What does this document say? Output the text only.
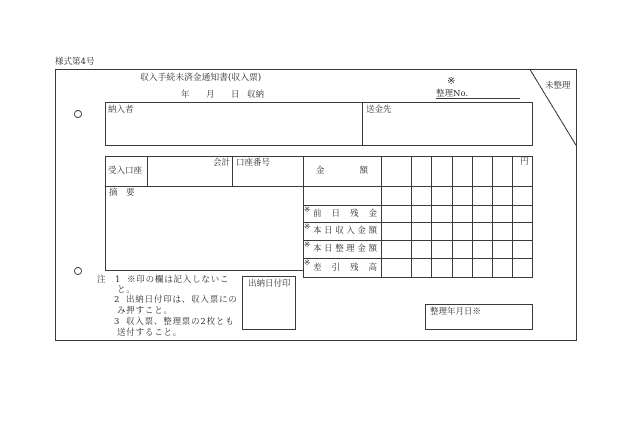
様式第4号
収入手続未済金通知書(収入票)
年 月 日 収納
※
整理No.
未整理
納入者	送金先
受入口座
会計 口座番号
金　　額
円
摘　要
※ 前 日 残 金
※ 本日収入金額
※ 本日整理金額
※
差 引 残 高
注 1 ※印の欄は記入しないこ
と。
2 出納日付印は、収入票にの
み押すこと。
3 収入票、整理票の2枚とも
送付すること。
出納日付印
整理年月日※
